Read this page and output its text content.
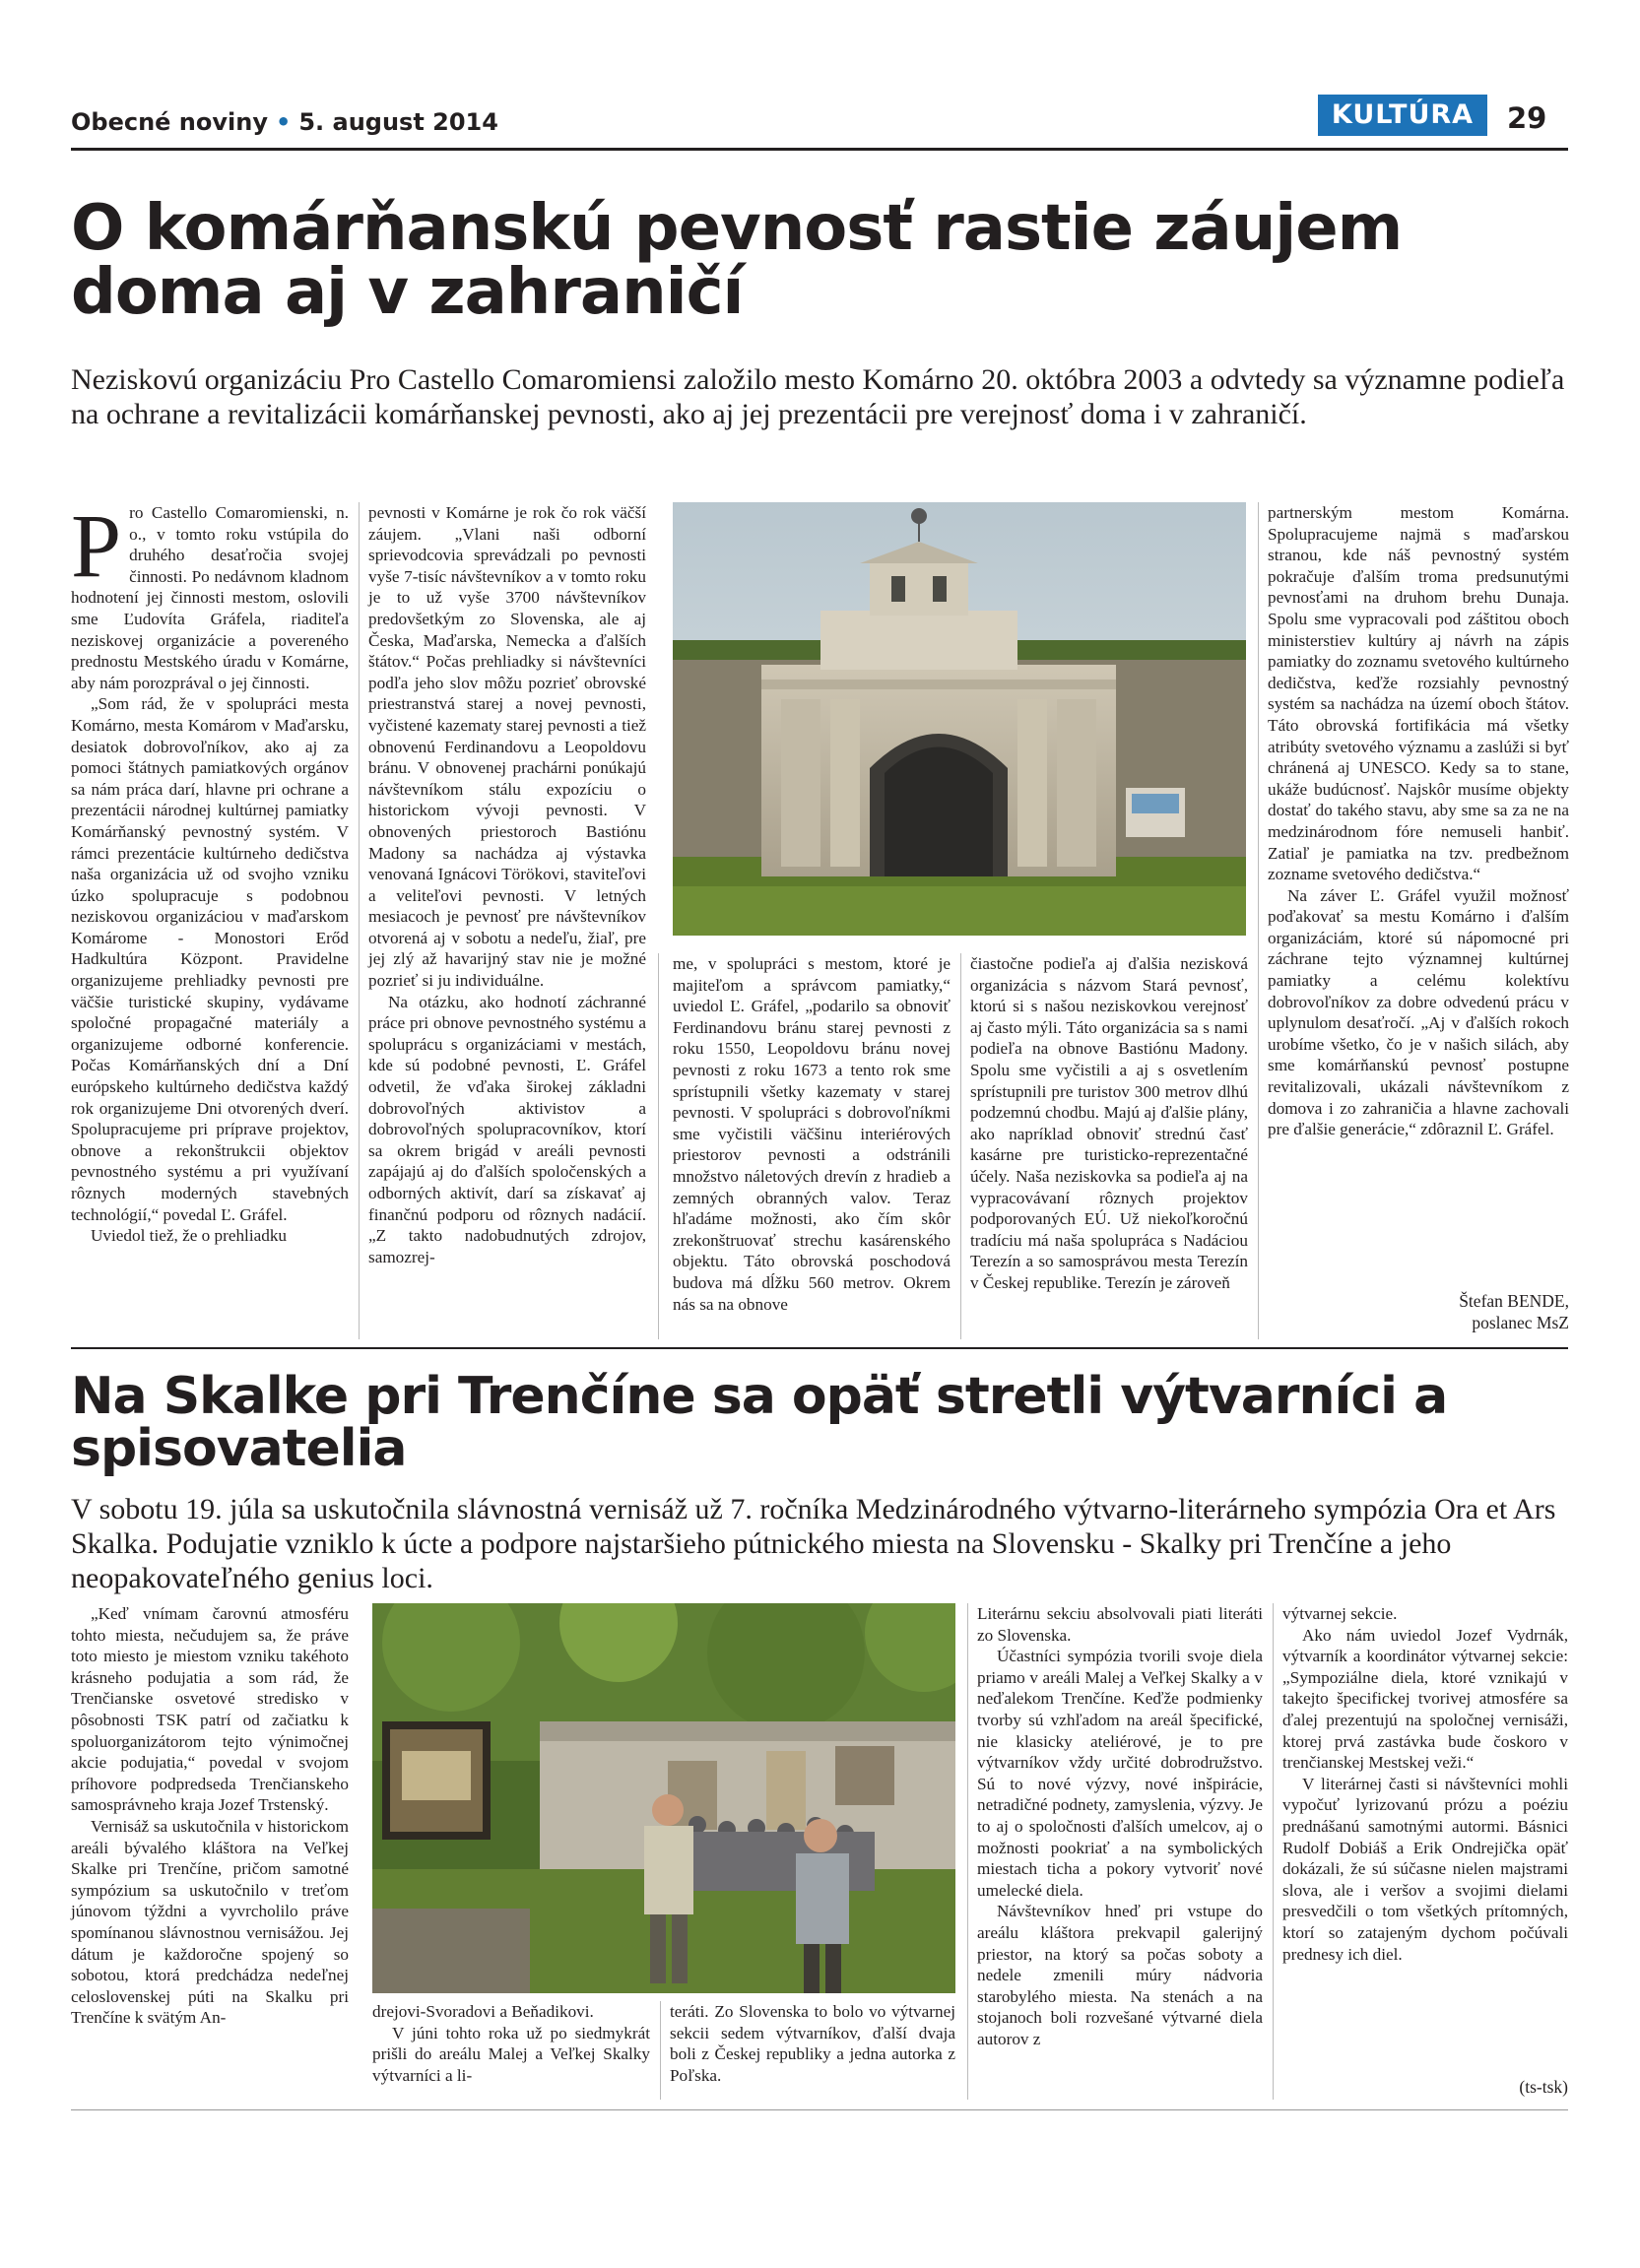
Obecné noviny • 5. august 2014	KULTÚRA	29
O komárňanskú pevnosť rastie záujem doma aj v zahraničí
Neziskovú organizáciu Pro Castello Comaromiensi založilo mesto Komárno 20. októbra 2003 a odvtedy sa významne podieľa na ochrane a revitalizácii komárňanskej pevnosti, ako aj jej prezentácii pre verejnosť doma i v zahraničí.

Pro Castello Comaromienski, n. o., v tomto roku vstúpila do druhého desaťročia svojej činnosti. Po nedávnom kladnom hodnotení jej činnosti mestom, oslovili sme Ľudovíta Gráfela, riaditeľa neziskovej organizácie a povereného prednostu Mestského úradu v Komárne, aby nám porozprával o jej činnosti.

„Som rád, že v spolupráci mesta Komárno, mesta Komárom v Maďarsku, desiatok dobrovoľníkov, ako aj za pomoci štátnych pamiatkových orgánov sa nám práca darí, hlavne pri ochrane a prezentácii národnej kultúrnej pamiatky Komárňanský pevnostný systém. V rámci prezentácie kultúrneho dedičstva naša organizácia už od svojho vzniku úzko spolupracuje s podobnou neziskovou organizáciou v maďarskom Komárome - Monostori Erőd Hadkultúra Központ. Pravidelne organizujeme prehliadky pevnosti pre väčšie turistické skupiny, vydávame spoločné propagačné materiály a organizujeme odborné konferencie. Počas Komárňanských dní a Dní európskeho kultúrneho dedičstva každý rok organizujeme Dni otvorených dverí. Spolupracujeme pri príprave projektov, obnove a rekonštrukcii objektov pevnostného systému a pri využívaní rôznych moderných stavebných technológií,“ povedal Ľ. Gráfel.

Uviedol tiež, že o prehliadku

pevnosti v Komárne je rok čo rok väčší záujem. „Vlani naši odborní sprievodcovia sprevádzali po pevnosti vyše 7-tisíc návštevníkov a v tomto roku je to už vyše 3700 návštevníkov predovšetkým zo Slovenska, ale aj Česka, Maďarska, Nemecka a ďalších štátov.“ Počas prehliadky si návštevníci podľa jeho slov môžu pozrieť obrovské priestranstvá starej a novej pevnosti, vyčistené kazematy starej pevnosti a tiež obnovenú Ferdinandovu a Leopoldovu bránu. V obnovenej prachárni ponúkajú návštevníkom stálu expozíciu o historickom vývoji pevnosti. V obnovených priestoroch Bastiónu Madony sa nachádza aj výstavka venovaná Ignácovi Törökovi, staviteľovi a veliteľovi pevnosti. V letných mesiacoch je pevnosť pre návštevníkov otvorená aj v sobotu a nedeľu, žiaľ, pre jej zlý až havarijný stav nie je možné pozrieť si ju individuálne.

Na otázku, ako hodnotí záchranné práce pri obnove pevnostného systému a spoluprácu s organizáciami v mestách, kde sú podobné pevnosti, Ľ. Gráfel odvetil, že vďaka širokej základni dobrovoľných aktivistov a dobrovoľných spolupracovníkov, ktorí sa okrem brigád v areáli pevnosti zapájajú aj do ďalších spoločenských a odborných aktivít, darí sa získavať aj finančnú podporu od rôznych nadácií. „Z takto nadobudnutých zdrojov, samozrej-

me, v spolupráci s mestom, ktoré je majiteľom a správcom pamiatky,“ uviedol Ľ. Gráfel, „podarilo sa obnoviť Ferdinandovu bránu starej pevnosti z roku 1550, Leopoldovu bránu novej pevnosti z roku 1673 a tento rok sme sprístupnili všetky kazematy v starej pevnosti. V spolupráci s dobrovoľníkmi sme vyčistili väčšinu interiérových priestorov pevnosti a odstránili množstvo náletových drevín z hradieb a zemných obranných valov. Teraz hľadáme možnosti, ako čím skôr zrekonštruovať strechu kasárenského objektu. Táto obrovská poschodová budova má dĺžku 560 metrov. Okrem nás sa na obnove

čiastočne podieľa aj ďalšia nezisková organizácia s názvom Stará pevnosť, ktorú si s našou neziskovkou verejnosť aj často mýli. Táto organizácia sa s nami podieľa na obnove Bastiónu Madony. Spolu sme vyčistili a aj s osvetlením sprístupnili pre turistov 300 metrov dlhú podzemnú chodbu. Majú aj ďalšie plány, ako napríklad obnoviť strednú časť kasárne pre turisticko-reprezentačné účely. Naša neziskovka sa podieľa aj na vypracovávaní rôznych projektov podporovaných EÚ. Už niekoľkoročnú tradíciu má naša spolupráca s Nadáciou Terezín a so samosprávou mesta Terezín v Českej republike. Terezín je zároveň

partnerským mestom Komárna. Spolupracujeme najmä s maďarskou stranou, kde náš pevnostný systém pokračuje ďalším troma predsunutými pevnosťami na druhom brehu Dunaja. Spolu sme vypracovali pod záštitou oboch ministerstiev kultúry aj návrh na zápis pamiatky do zoznamu svetového kultúrneho dedičstva, keďže rozsiahly pevnostný systém sa nachádza na území oboch štátov. Táto obrovská fortifikácia má všetky atribúty svetového významu a zaslúži si byť chránená aj UNESCO. Kedy sa to stane, ukáže budúcnosť. Najskôr musíme objekty dostať do takého stavu, aby sme sa za ne na medzinárodnom fóre nemuseli hanbiť. Zatiaľ je pamiatka na tzv. predbežnom zozname svetového dedičstva.“

Na záver Ľ. Gráfel využil možnosť poďakovať sa mestu Komárno i ďalším organizáciám, ktoré sú nápomocné pri záchrane tejto významnej kultúrnej pamiatky a celému kolektívu dobrovoľníkov za dobre odvedenú prácu v uplynulom desaťročí. „Aj v ďalších rokoch urobíme všetko, čo je v našich silách, aby sme komárňanskú pevnosť postupne revitalizovali, ukázali návštevníkom z domova i zo zahraničia a hlavne zachovali pre ďalšie generácie,“ zdôraznil Ľ. Gráfel.

Štefan BENDE,
poslanec MsZ
Na Skalke pri Trenčíne sa opäť stretli výtvarníci a spisovatelia
V sobotu 19. júla sa uskutočnila slávnostná vernisáž už 7. ročníka Medzinárodného výtvarno-literárneho sympózia Ora et Ars Skalka. Podujatie vzniklo k úcte a podpore najstaršieho pútnického miesta na Slovensku - Skalky pri Trenčíne a jeho neopakovateľného genius loci.

„Keď vnímam čarovnú atmosféru tohto miesta, nečudujem sa, že práve toto miesto je miestom vzniku takéhoto krásneho podujatia a som rád, že Trenčianske osvetové stredisko v pôsobnosti TSK patrí od začiatku k spoluorganizátorom tejto výnimočnej akcie podujatia,“ povedal v svojom príhovore podpredseda Trenčianskeho samosprávneho kraja Jozef Trstenský.

Vernisáž sa uskutočnila v historickom areáli bývalého kláštora na Veľkej Skalke pri Trenčíne, pričom samotné sympózium sa uskutočnilo v treťom júnovom týždni a vyvrcholilo práve spomínanou slávnostnou vernisážou. Jej dátum je každoročne spojený so sobotou, ktorá predchádza nedeľnej celoslovenskej púti na Skalku pri Trenčíne k svätým An-	drejovi-Svoradovi a Beňadikovi.

V júni tohto roka už po siedmykrát prišli do areálu Malej a Veľkej Skalky výtvarníci a li-

teráti. Zo Slovenska to bolo vo výtvarnej sekcii sedem výtvarníkov, ďalší dvaja boli z Českej republiky a jedna autorka z Poľska.

Literárnu sekciu absolvovali piati literáti zo Slovenska.

Účastníci sympózia tvorili svoje diela priamo v areáli Malej a Veľkej Skalky a v neďalekom Trenčíne. Keďže podmienky tvorby sú vzhľadom na areál špecifické, nie klasicky ateliérové, je to pre výtvarníkov vždy určité dobrodružstvo. Sú to nové výzvy, nové inšpirácie, netradičné podnety, zamyslenia, výzvy. Je to aj o spoločnosti ďalších umelcov, aj o možnosti pookriať a na symbolických miestach ticha a pokory vytvoriť nové umelecké diela.

Návštevníkov hneď pri vstupe do areálu kláštora prekvapil galerijný priestor, na ktorý sa počas soboty a nedele zmenili múry nádvoria starobylého miesta. Na stenách a na stojanoch boli rozvešané výtvarné diela autorov z

výtvarnej sekcie.

Ako nám uviedol Jozef Vydrnák, výtvarník a koordinátor výtvarnej sekcie: „Sympoziálne diela, ktoré vznikajú v takejto špecifickej tvorivej atmosfére sa ďalej prezentujú na spoločnej vernisáži, ktorej prvá zastávka bude čoskoro v trenčianskej Mestskej veži.“

V literárnej časti si návštevníci mohli vypočuť lyrizovanú prózu a poéziu prednášanú samotnými autormi. Básnici Rudolf Dobiáš a Erik Ondrejička opäť dokázali, že sú súčasne nielen majstrami slova, ale i veršov a svojimi dielami presvedčili o tom všetkých prítomných, ktorí so zatajeným dychom počúvali prednesy ich diel.

(ts-tsk)
